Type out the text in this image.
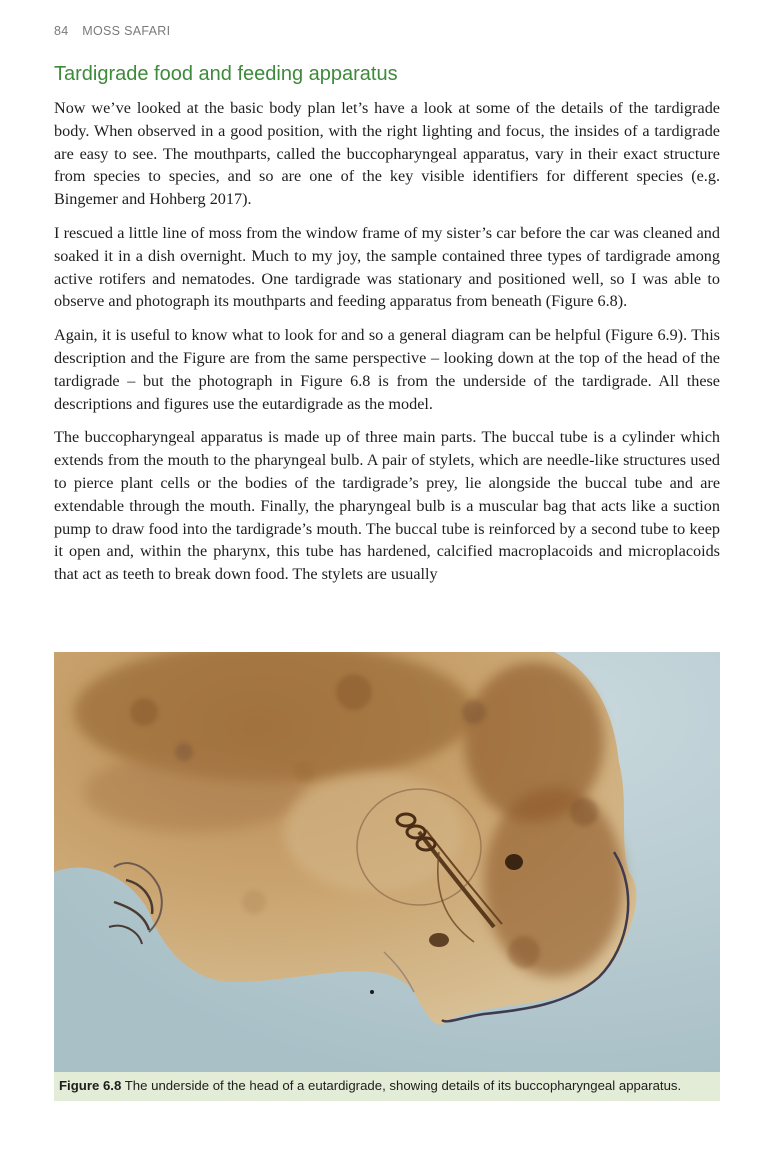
84 MOSS SAFARI
Tardigrade food and feeding apparatus

Now we’ve looked at the basic body plan let’s have a look at some of the details of the tardigrade body. When observed in a good position, with the right lighting and focus, the insides of a tardigrade are easy to see. The mouthparts, called the buccopharyngeal apparatus, vary in their exact structure from species to species, and so are one of the key visible identifiers for different species (e.g. Bingemer and Hohberg 2017).

I rescued a little line of moss from the window frame of my sister’s car before the car was cleaned and soaked it in a dish overnight. Much to my joy, the sample contained three types of tardigrade among active rotifers and nematodes. One tardigrade was stationary and positioned well, so I was able to observe and photograph its mouthparts and feeding apparatus from beneath (Figure 6.8).

Again, it is useful to know what to look for and so a general diagram can be helpful (Figure 6.9). This description and the Figure are from the same perspective – looking down at the top of the head of the tardigrade – but the photograph in Figure 6.8 is from the underside of the tardigrade. All these descriptions and figures use the eutardigrade as the model.

The buccopharyngeal apparatus is made up of three main parts. The buccal tube is a cylinder which extends from the mouth to the pharyngeal bulb. A pair of stylets, which are needle-like structures used to pierce plant cells or the bodies of the tardigrade’s prey, lie alongside the buccal tube and are extendable through the mouth. Finally, the pharyngeal bulb is a muscular bag that acts like a suction pump to draw food into the tardigrade’s mouth. The buccal tube is reinforced by a second tube to keep it open and, within the pharynx, this tube has hardened, calcified macroplacoids and microplacoids that act as teeth to break down food. The stylets are usually

Figure 6.8 The underside of the head of a eutardigrade, showing details of its buccopharyngeal apparatus.
